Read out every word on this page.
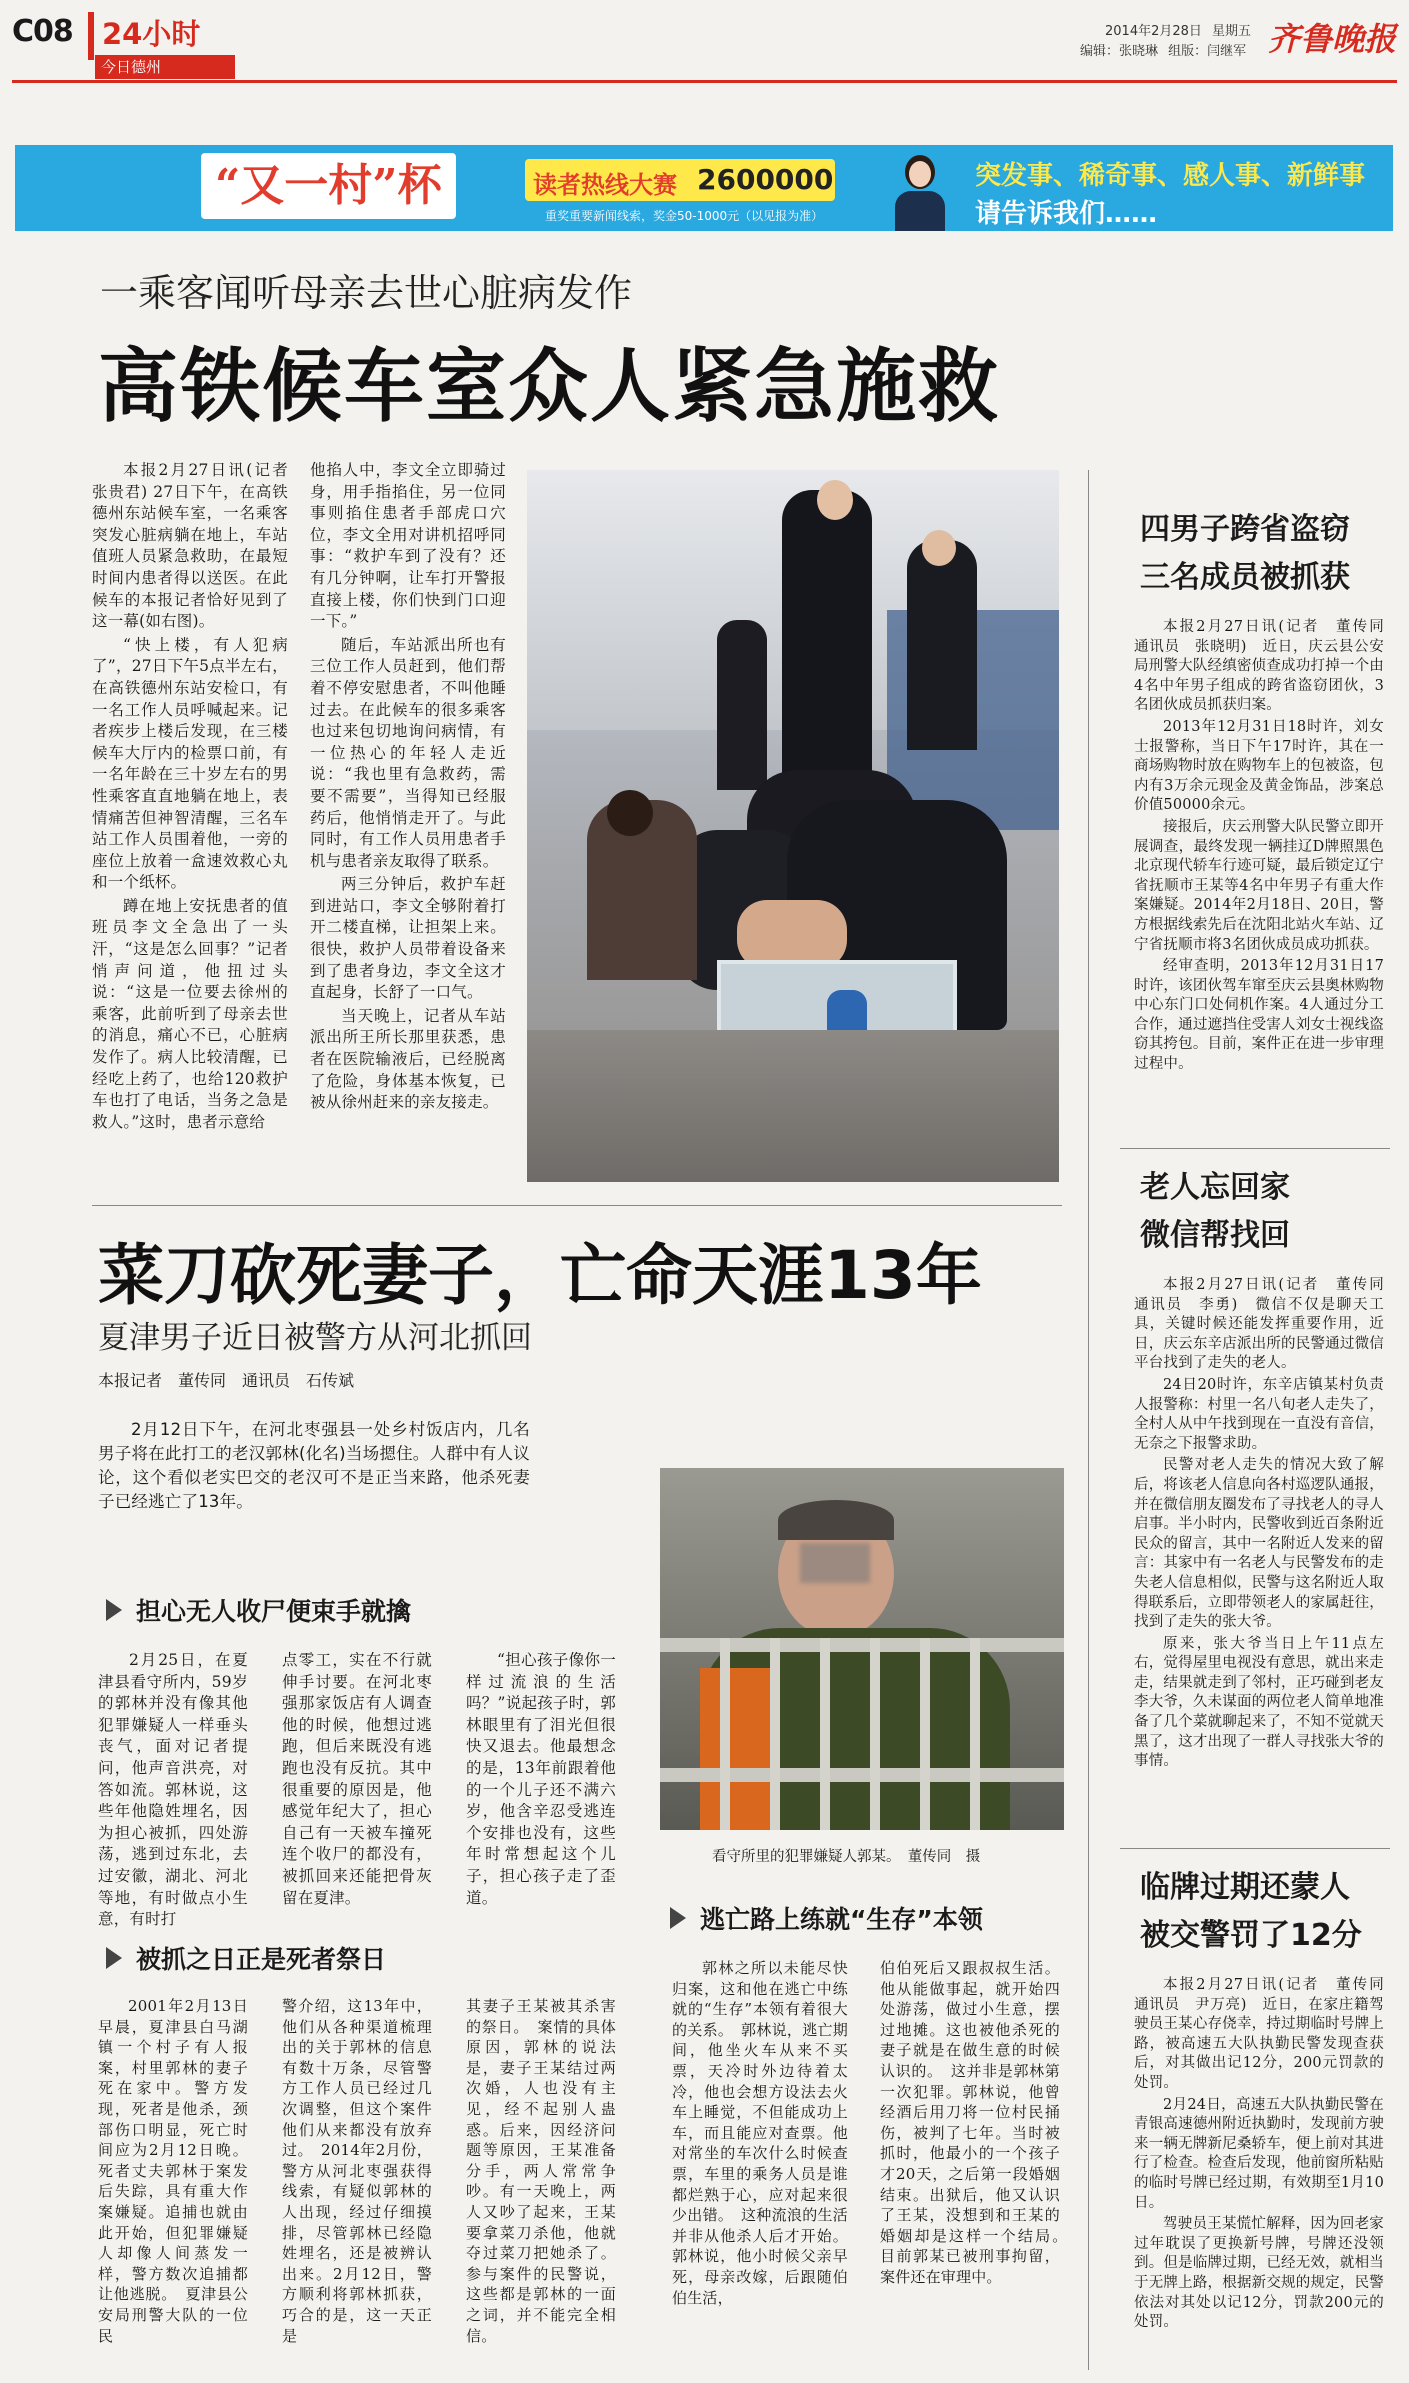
C08 24小时
今日德州
2014年2月28日 星期五
编辑：张晓琳 组版：闫继军 齐鲁晚报
“又一村”杯	读者热线大赛 2600000
重奖重要新闻线索，奖金50-1000元（以见报为准）
突发事、稀奇事、感人事、新鲜事
请告诉我们……
一乘客闻听母亲去世心脏病发作
高铁候车室众人紧急施救

本报2月27日讯(记者 张贵君) 27日下午，在高铁德州东站候车室，一名乘客突发心脏病躺在地上，车站值班人员紧急救助，在最短时间内患者得以送医。在此候车的本报记者恰好见到了这一幕(如右图)。

“快上楼，有人犯病了”，27日下午5点半左右，在高铁德州东站安检口，有一名工作人员呼喊起来。记者疾步上楼后发现，在三楼候车大厅内的检票口前，有一名年龄在三十岁左右的男性乘客直直地躺在地上，表情痛苦但神智清醒，三名车站工作人员围着他，一旁的座位上放着一盒速效救心丸和一个纸杯。

蹲在地上安抚患者的值班员李文全急出了一头汗，“这是怎么回事？”记者悄声问道，他扭过头说：“这是一位要去徐州的乘客，此前听到了母亲去世的消息，痛心不已，心脏病发作了。病人比较清醒，已经吃上药了，也给120救护车也打了电话，当务之急是救人。”这时，患者示意给

他掐人中，李文全立即骑过身，用手指掐住，另一位同事则掐住患者手部虎口穴位，李文全用对讲机招呼同事：“救护车到了没有？还有几分钟啊，让车打开警报直接上楼，你们快到门口迎一下。”

随后，车站派出所也有三位工作人员赶到，他们帮着不停安慰患者，不叫他睡过去。在此候车的很多乘客也过来包切地询问病情，有一位热心的年轻人走近说：“我也里有急救药，需要不需要”，当得知已经服药后，他悄悄走开了。与此同时，有工作人员用患者手机与患者亲友取得了联系。

两三分钟后，救护车赶到进站口，李文全够附着打开二楼直梯，让担架上来。很快，救护人员带着设备来到了患者身边，李文全这才直起身，长舒了一口气。

当天晚上，记者从车站派出所王所长那里获悉，患者在医院输液后，已经脱离了危险，身体基本恢复，已被从徐州赶来的亲友接走。

菜刀砍死妻子，亡命天涯13年
夏津男子近日被警方从河北抓回
本报记者　董传同　通讯员　石传斌

2月12日下午，在河北枣强县一处乡村饭店内，几名男子将在此打工的老汉郭林(化名)当场摁住。人群中有人议论，这个看似老实巴交的老汉可不是正当来路，他杀死妻子已经逃亡了13年。

看守所里的犯罪嫌疑人郭某。　董传同　摄
担心无人收尸便束手就擒

2月25日，在夏津县看守所内，59岁的郭林并没有像其他犯罪嫌疑人一样垂头丧气，面对记者提问，他声音洪亮，对答如流。郭林说，这些年他隐姓埋名，因为担心被抓，四处游荡，逃到过东北，去过安徽，湖北、河北等地，有时做点小生意，有时打

点零工，实在不行就伸手讨要。在河北枣强那家饭店有人调查他的时候，他想过逃跑，但后来既没有逃跑也没有反抗。其中很重要的原因是，他感觉年纪大了，担心自己有一天被车撞死连个收尸的都没有，被抓回来还能把骨灰留在夏津。

“担心孩子像你一样过流浪的生活吗？”说起孩子时，郭林眼里有了泪光但很快又退去。他最想念的是，13年前跟着他的一个儿子还不满六岁，他含辛忍受逃连个安排也没有，这些年时常想起这个儿子，担心孩子走了歪道。

被抓之日正是死者祭日

2001年2月13日早晨，夏津县白马湖镇一个村子有人报案，村里郭林的妻子死在家中。警方发现，死者是他杀，颈部伤口明显，死亡时间应为2月12日晚。死者丈夫郭林于案发后失踪，具有重大作案嫌疑。追捕也就由此开始，但犯罪嫌疑人却像人间蒸发一样，警方数次追捕都让他逃脱。　夏津县公安局刑警大队的一位民

警介绍，这13年中，他们从各种渠道梳理出的关于郭林的信息有数十万条，尽管警方工作人员已经过几次调整，但这个案件他们从来都没有放弃过。　2014年2月份，警方从河北枣强获得线索，有疑似郭林的人出现，经过仔细摸排，尽管郭林已经隐姓埋名，还是被辨认出来。2月12日，警方顺利将郭林抓获，巧合的是，这一天正是

其妻子王某被其杀害的祭日。　案情的具体原因，郭林的说法是，妻子王某结过两次婚，人也没有主见，经不起别人蛊惑。后来，因经济问题等原因，王某准备分手，两人常常争吵。有一天晚上，两人又吵了起来，王某要拿菜刀杀他，他就夺过菜刀把她杀了。参与案件的民警说，这些都是郭林的一面之词，并不能完全相信。

逃亡路上练就“生存”本领

郭林之所以未能尽快归案，这和他在逃亡中练就的“生存”本领有着很大的关系。　郭林说，逃亡期间，他坐火车从来不买票，天冷时外边待着太冷，他也会想方设法去火车上睡觉，不但能成功上车，而且能应对查票。他对常坐的车次什么时候查票，车里的乘务人员是谁都烂熟于心，应对起来很少出错。　这种流浪的生活并非从他杀人后才开始。郭林说，他小时候父亲早死，母亲改嫁，后跟随伯伯生活，

伯伯死后又跟叔叔生活。他从能做事起，就开始四处游荡，做过小生意，摆过地摊。这也被他杀死的妻子就是在做生意的时候认识的。　这并非是郭林第一次犯罪。郭林说，他曾经酒后用刀将一位村民捅伤，被判了七年。当时被抓时，他最小的一个孩子才20天，之后第一段婚姻结束。出狱后，他又认识了王某，没想到和王某的婚姻却是这样一个结局。　目前郭某已被刑事拘留，案件还在审理中。

四男子跨省盗窃
三名成员被抓获

本报2月27日讯(记者　董传同　通讯员　张晓明)　近日，庆云县公安局刑警大队经缜密侦查成功打掉一个由4名中年男子组成的跨省盗窃团伙，3名团伙成员抓获归案。

2013年12月31日18时许，刘女士报警称，当日下午17时许，其在一商场购物时放在购物车上的包被盗，包内有3万余元现金及黄金饰品，涉案总价值50000余元。

接报后，庆云刑警大队民警立即开展调查，最终发现一辆挂辽D牌照黑色北京现代轿车行迹可疑，最后锁定辽宁省抚顺市王某等4名中年男子有重大作案嫌疑。2014年2月18日、20日，警方根据线索先后在沈阳北站火车站、辽宁省抚顺市将3名团伙成员成功抓获。

经审查明，2013年12月31日17时许，该团伙驾车窜至庆云县奥林购物中心东门口处伺机作案。4人通过分工合作，通过遮挡住受害人刘女士视线盗窃其挎包。目前，案件正在进一步审理过程中。

老人忘回家
微信帮找回

本报2月27日讯(记者　董传同　通讯员　李勇)　微信不仅是聊天工具，关键时候还能发挥重要作用，近日，庆云东辛店派出所的民警通过微信平台找到了走失的老人。

24日20时许，东辛店镇某村负责人报警称：村里一名八旬老人走失了，全村人从中午找到现在一直没有音信，无奈之下报警求助。

民警对老人走失的情况大致了解后，将该老人信息向各村巡逻队通报，并在微信朋友圈发布了寻找老人的寻人启事。半小时内，民警收到近百条附近民众的留言，其中一名附近人发来的留言：其家中有一名老人与民警发布的走失老人信息相似，民警与这名附近人取得联系后，立即带领老人的家属赶往，找到了走失的张大爷。

原来，张大爷当日上午11点左右，觉得屋里电视没有意思，就出来走走，结果就走到了邻村，正巧碰到老友李大爷，久未谋面的两位老人简单地准备了几个菜就聊起来了，不知不觉就天黑了，这才出现了一群人寻找张大爷的事情。

临牌过期还蒙人
被交警罚了12分

本报2月27日讯(记者　董传同　通讯员　尹万亮)　近日，在家庄籍驾驶员王某心存侥幸，持过期临时号牌上路，被高速五大队执勤民警发现查获后，对其做出记12分，200元罚款的处罚。

2月24日，高速五大队执勤民警在青银高速德州附近执勤时，发现前方驶来一辆无牌新尼桑轿车，便上前对其进行了检查。检查后发现，他前窗所粘贴的临时号牌已经过期，有效期至1月10日。

驾驶员王某慌忙解释，因为回老家过年耽误了更换新号牌，号牌还没领到。但是临牌过期，已经无效，就相当于无牌上路，根据新交规的规定，民警依法对其处以记12分，罚款200元的处罚。
